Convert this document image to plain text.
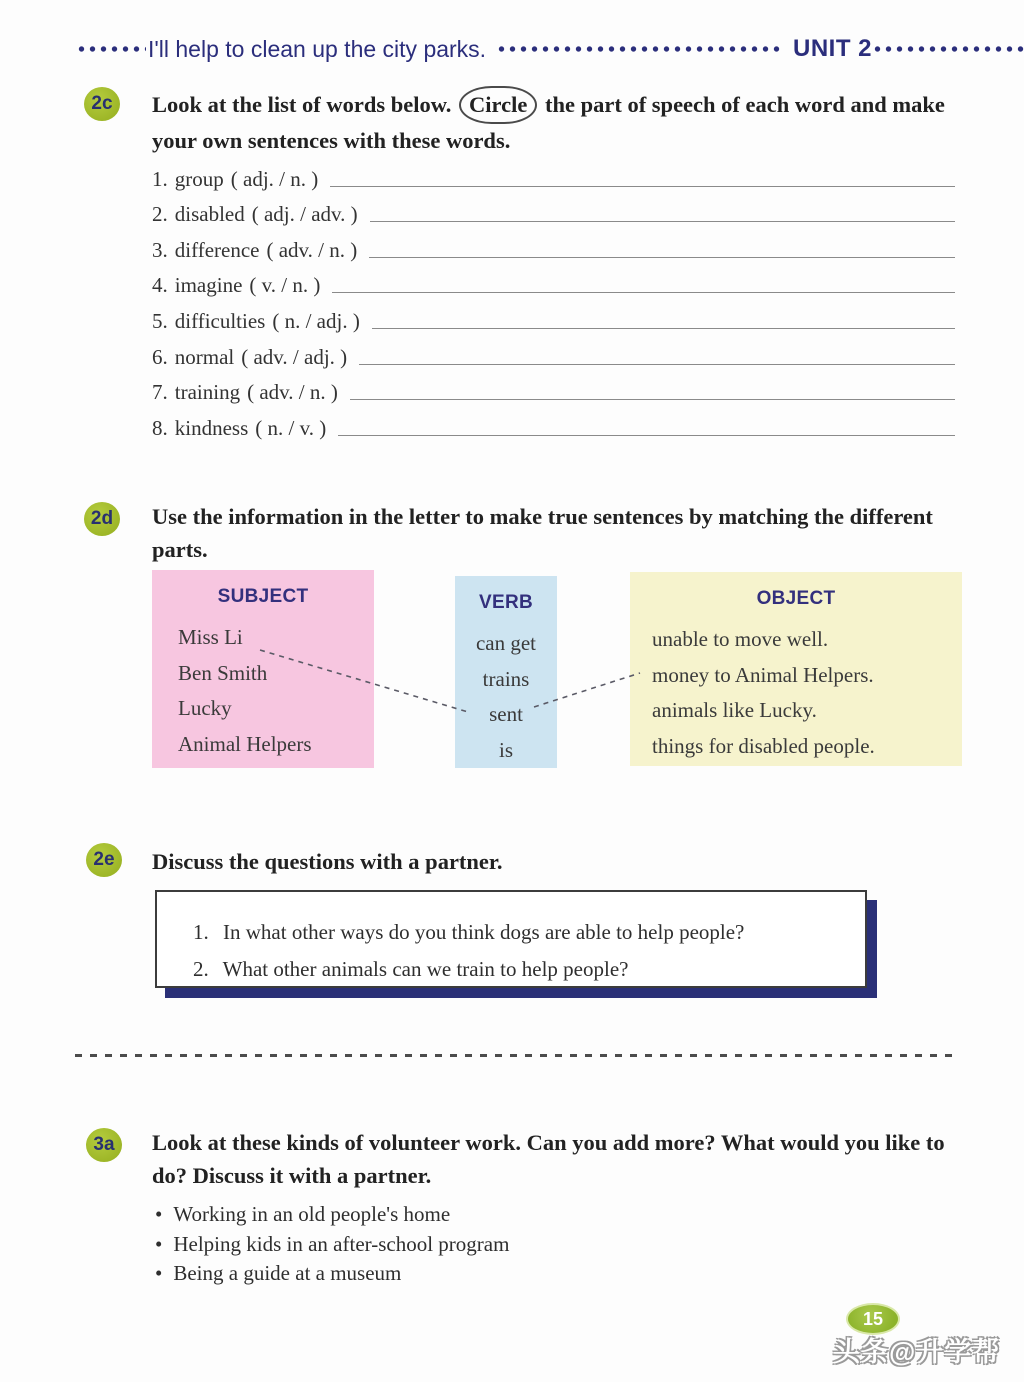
I'll help to clean up the city parks.	UNIT 2
2c	Look at the list of words below. Circle the part of speech of each word and make your own sentences with these words.
1. group ( adj. / n. )
2. disabled ( adj. / adv. )
3. difference ( adv. / n. )
4. imagine ( v. / n. )
5. difficulties ( n. / adj. )
6. normal ( adv. / adj. )
7. training ( adv. / n. )
8. kindness ( n. / v. )
2d	Use the information in the letter to make true sentences by matching the different parts.
SUBJECT
Miss Li
Ben Smith
Lucky
Animal Helpers
VERB
can get
trains
sent
is
OBJECT
unable to move well.
money to Animal Helpers.
animals like Lucky.
things for disabled people.
2e	Discuss the questions with a partner.
1. In what other ways do you think dogs are able to help people?
2. What other animals can we train to help people?
3a	Look at these kinds of volunteer work. Can you add more? What would you like to do? Discuss it with a partner.
• Working in an old people's home
• Helping kids in an after-school program
• Being a guide at a museum
15
头条@升学帮
